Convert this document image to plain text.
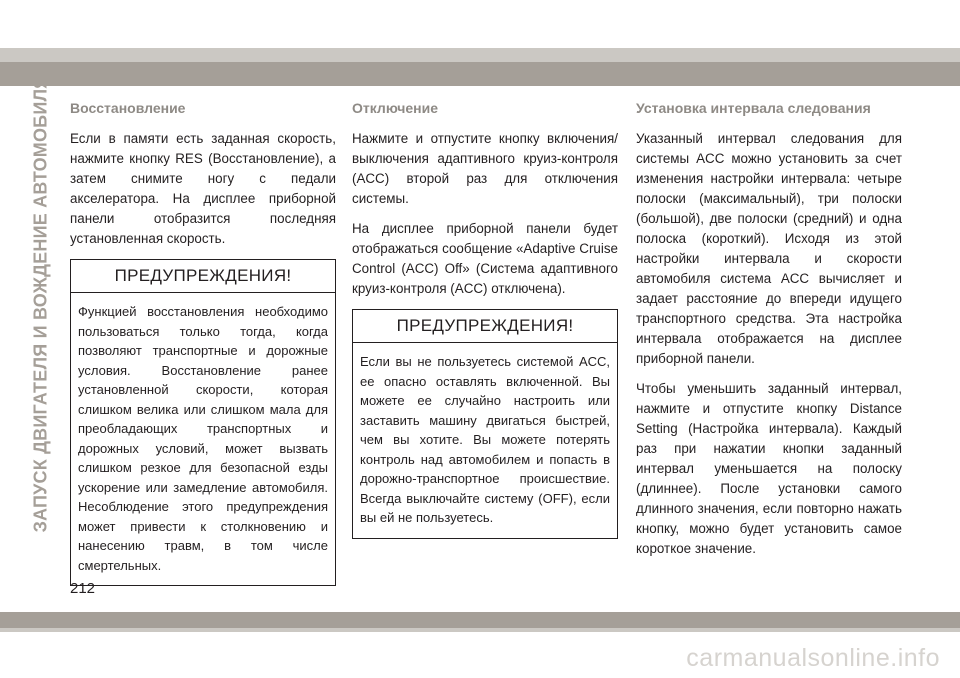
ЗАПУСК ДВИГАТЕЛЯ И ВОЖДЕНИЕ АВТОМОБИЛЯ Восстановление

Если в памяти есть заданная скорость, нажмите кнопку RES (Восстановление), а затем снимите ногу с педали акселератора. На дисплее приборной панели отобразится последняя установленная скорость.

ПРЕДУПРЕЖДЕНИЯ!
Функцией восстановления необходимо пользоваться только тогда, когда позволяют транспортные и дорожные условия. Восстановление ранее установленной скорости, которая слишком велика или слишком мала для преобладающих транспортных и дорожных условий, может вызвать слишком резкое для безопасной езды ускорение или замедление автомобиля. Несоблюдение этого предупреждения может привести к столкновению и нанесению травм, в том числе смертельных.
Отключение

Нажмите и отпустите кнопку включения/выключения адаптивного круиз-контроля (ACC) второй раз для отключения системы.

На дисплее приборной панели будет отображаться сообщение «Adaptive Cruise Control (ACC) Off» (Система адаптивного круиз-контроля (ACC) отключена).

ПРЕДУПРЕЖДЕНИЯ!
Если вы не пользуетесь системой ACC, ее опасно оставлять включенной. Вы можете ее случайно настроить или заставить машину двигаться быстрей, чем вы хотите. Вы можете потерять контроль над автомобилем и попасть в дорожно-транспортное происшествие. Всегда выключайте систему (OFF), если вы ей не пользуетесь.
Установка интервала следования

Указанный интервал следования для системы ACC можно установить за счет изменения настройки интервала: четыре полоски (максимальный), три полоски (большой), две полоски (средний) и одна полоска (короткий). Исходя из этой настройки интервала и скорости автомобиля система ACC вычисляет и задает расстояние до впереди идущего транспортного средства. Эта настройка интервала отображается на дисплее приборной панели.

Чтобы уменьшить заданный интервал, нажмите и отпустите кнопку Distance Setting (Настройка интервала). Каждый раз при нажатии кнопки заданный интервал уменьшается на полоску (длиннее). После установки самого длинного значения, если повторно нажать кнопку, можно будет установить самое короткое значение.

212
carmanualsonline.info
